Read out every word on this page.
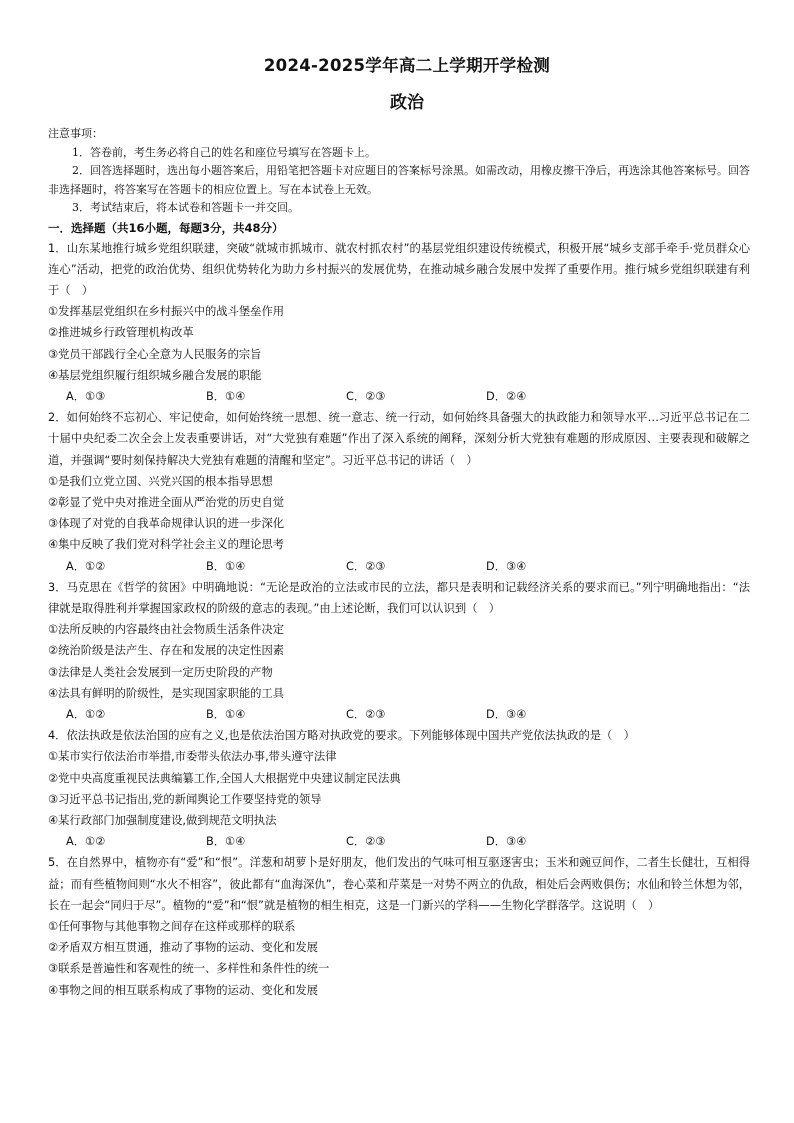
2024-2025学年高二上学期开学检测
政治
注意事项：
1．答卷前，考生务必将自己的姓名和座位号填写在答题卡上。
2．回答选择题时，选出每小题答案后，用铅笔把答题卡对应题目的答案标号涂黑。如需改动，用橡皮擦干净后，再选涂其他答案标号。回答非选择题时，将答案写在答题卡的相应位置上。写在本试卷上无效。
3．考试结束后，将本试卷和答题卡一并交回。
一．选择题（共16小题，每题3分，共48分）
1．山东某地推行城乡党组织联建，突破“就城市抓城市、就农村抓农村”的基层党组织建设传统模式，积极开展“城乡支部手牵手·党员群众心连心”活动，把党的政治优势、组织优势转化为助力乡村振兴的发展优势，在推动城乡融合发展中发挥了重要作用。推行城乡党组织联建有利于（　）
①发挥基层党组织在乡村振兴中的战斗堡垒作用
②推进城乡行政管理机构改革
③党员干部践行全心全意为人民服务的宗旨
④基层党组织履行组织城乡融合发展的职能
A．①③	B．①④	C．②③	D．②④
2．如何始终不忘初心、牢记使命，如何始终统一思想、统一意志、统一行动，如何始终具备强大的执政能力和领导水平…习近平总书记在二十届中央纪委二次全会上发表重要讲话，对“大党独有难题”作出了深入系统的阐释，深刻分析大党独有难题的形成原因、主要表现和破解之道，并强调“要时刻保持解决大党独有难题的清醒和坚定”。习近平总书记的讲话（　）
①是我们立党立国、兴党兴国的根本指导思想
②彰显了党中央对推进全面从严治党的历史自觉
③体现了对党的自我革命规律认识的进一步深化
④集中反映了我们党对科学社会主义的理论思考
A．①②	B．①④	C．②③	D．③④
3．马克思在《哲学的贫困》中明确地说：“无论是政治的立法或市民的立法，都只是表明和记载经济关系的要求而已。”列宁明确地指出：“法律就是取得胜利并掌握国家政权的阶级的意志的表现。”由上述论断，我们可以认识到（　）
①法所反映的内容最终由社会物质生活条件决定
②统治阶级是法产生、存在和发展的决定性因素
③法律是人类社会发展到一定历史阶段的产物
④法具有鲜明的阶级性，是实现国家职能的工具
A．①②	B．①④	C．②③	D．③④
4．依法执政是依法治国的应有之义,也是依法治国方略对执政党的要求。下列能够体现中国共产党依法执政的是（　）
①某市实行依法治市举措,市委带头依法办事,带头遵守法律
②党中央高度重视民法典编纂工作,全国人大根据党中央建议制定民法典
③习近平总书记指出,党的新闻舆论工作要坚持党的领导
④某行政部门加强制度建设,做到规范文明执法
A．①②	B．①④	C．②③	D．③④
5．在自然界中，植物亦有“爱”和“恨”。洋葱和胡萝卜是好朋友，他们发出的气味可相互驱逐害虫；玉米和豌豆间作，二者生长健壮，互相得益；而有些植物间则“水火不相容”，彼此都有“血海深仇”，卷心菜和芹菜是一对势不两立的仇敌，相处后会两败俱伤；水仙和铃兰休想为邻，长在一起会“同归于尽”。植物的“爱”和“恨”就是植物的相生相克，这是一门新兴的学科——生物化学群落学。这说明（　）
①任何事物与其他事物之间存在这样或那样的联系
②矛盾双方相互贯通，推动了事物的运动、变化和发展
③联系是普遍性和客观性的统一、多样性和条件性的统一
④事物之间的相互联系构成了事物的运动、变化和发展
